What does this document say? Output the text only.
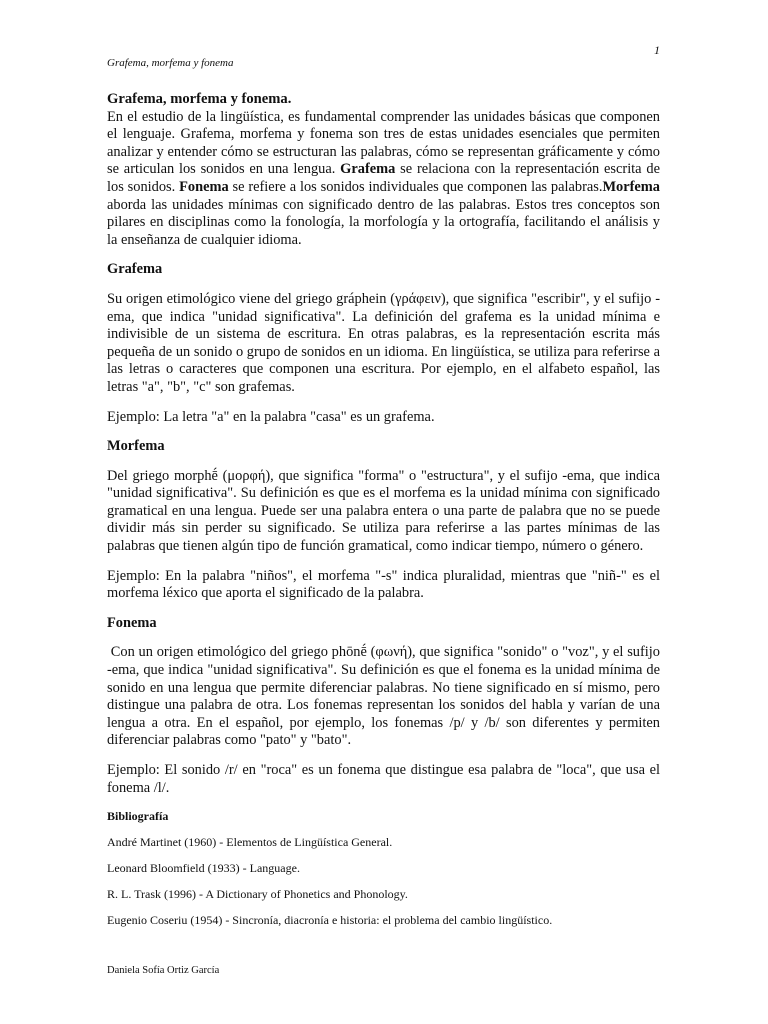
1
Grafema, morfema y fonema

Grafema, morfema y fonema.

En el estudio de la lingüística, es fundamental comprender las unidades básicas que componen el lenguaje. Grafema, morfema y fonema son tres de estas unidades esenciales que permiten analizar y entender cómo se estructuran las palabras, cómo se representan gráficamente y cómo se articulan los sonidos en una lengua. Grafema se relaciona con la representación escrita de los sonidos. Fonema se refiere a los sonidos individuales que componen las palabras.Morfema aborda las unidades mínimas con significado dentro de las palabras. Estos tres conceptos son pilares en disciplinas como la fonología, la morfología y la ortografía, facilitando el análisis y la enseñanza de cualquier idioma.

Grafema

Su origen etimológico viene del griego gráphein (γράφειν), que significa "escribir", y el sufijo -ema, que indica "unidad significativa". La definición del grafema es la unidad mínima e indivisible de un sistema de escritura. En otras palabras, es la representación escrita más pequeña de un sonido o grupo de sonidos en un idioma. En lingüística, se utiliza para referirse a las letras o caracteres que componen una escritura. Por ejemplo, en el alfabeto español, las letras "a", "b", "c" son grafemas.

Ejemplo: La letra "a" en la palabra "casa" es un grafema.

Morfema

Del griego morphḗ (μορφή), que significa "forma" o "estructura", y el sufijo -ema, que indica "unidad significativa". Su definición es que es el morfema es la unidad mínima con significado gramatical en una lengua. Puede ser una palabra entera o una parte de palabra que no se puede dividir más sin perder su significado. Se utiliza para referirse a las partes mínimas de las palabras que tienen algún tipo de función gramatical, como indicar tiempo, número o género.

Ejemplo: En la palabra "niños", el morfema "-s" indica pluralidad, mientras que "niñ-" es el morfema léxico que aporta el significado de la palabra.

Fonema

Con un origen etimológico del griego phōnḗ (φωνή), que significa "sonido" o "voz", y el sufijo -ema, que indica "unidad significativa". Su definición es que el fonema es la unidad mínima de sonido en una lengua que permite diferenciar palabras. No tiene significado en sí mismo, pero distingue una palabra de otra. Los fonemas representan los sonidos del habla y varían de una lengua a otra. En el español, por ejemplo, los fonemas /p/ y /b/ son diferentes y permiten diferenciar palabras como "pato" y "bato".

Ejemplo: El sonido /r/ en "roca" es un fonema que distingue esa palabra de "loca", que usa el fonema /l/.

Bibliografía

André Martinet (1960) - Elementos de Lingüística General.

Leonard Bloomfield (1933) - Language.

R. L. Trask (1996) - A Dictionary of Phonetics and Phonology.

Eugenio Coseriu (1954) - Sincronía, diacronía e historia: el problema del cambio lingüístico.

Daniela Sofía Ortiz García
